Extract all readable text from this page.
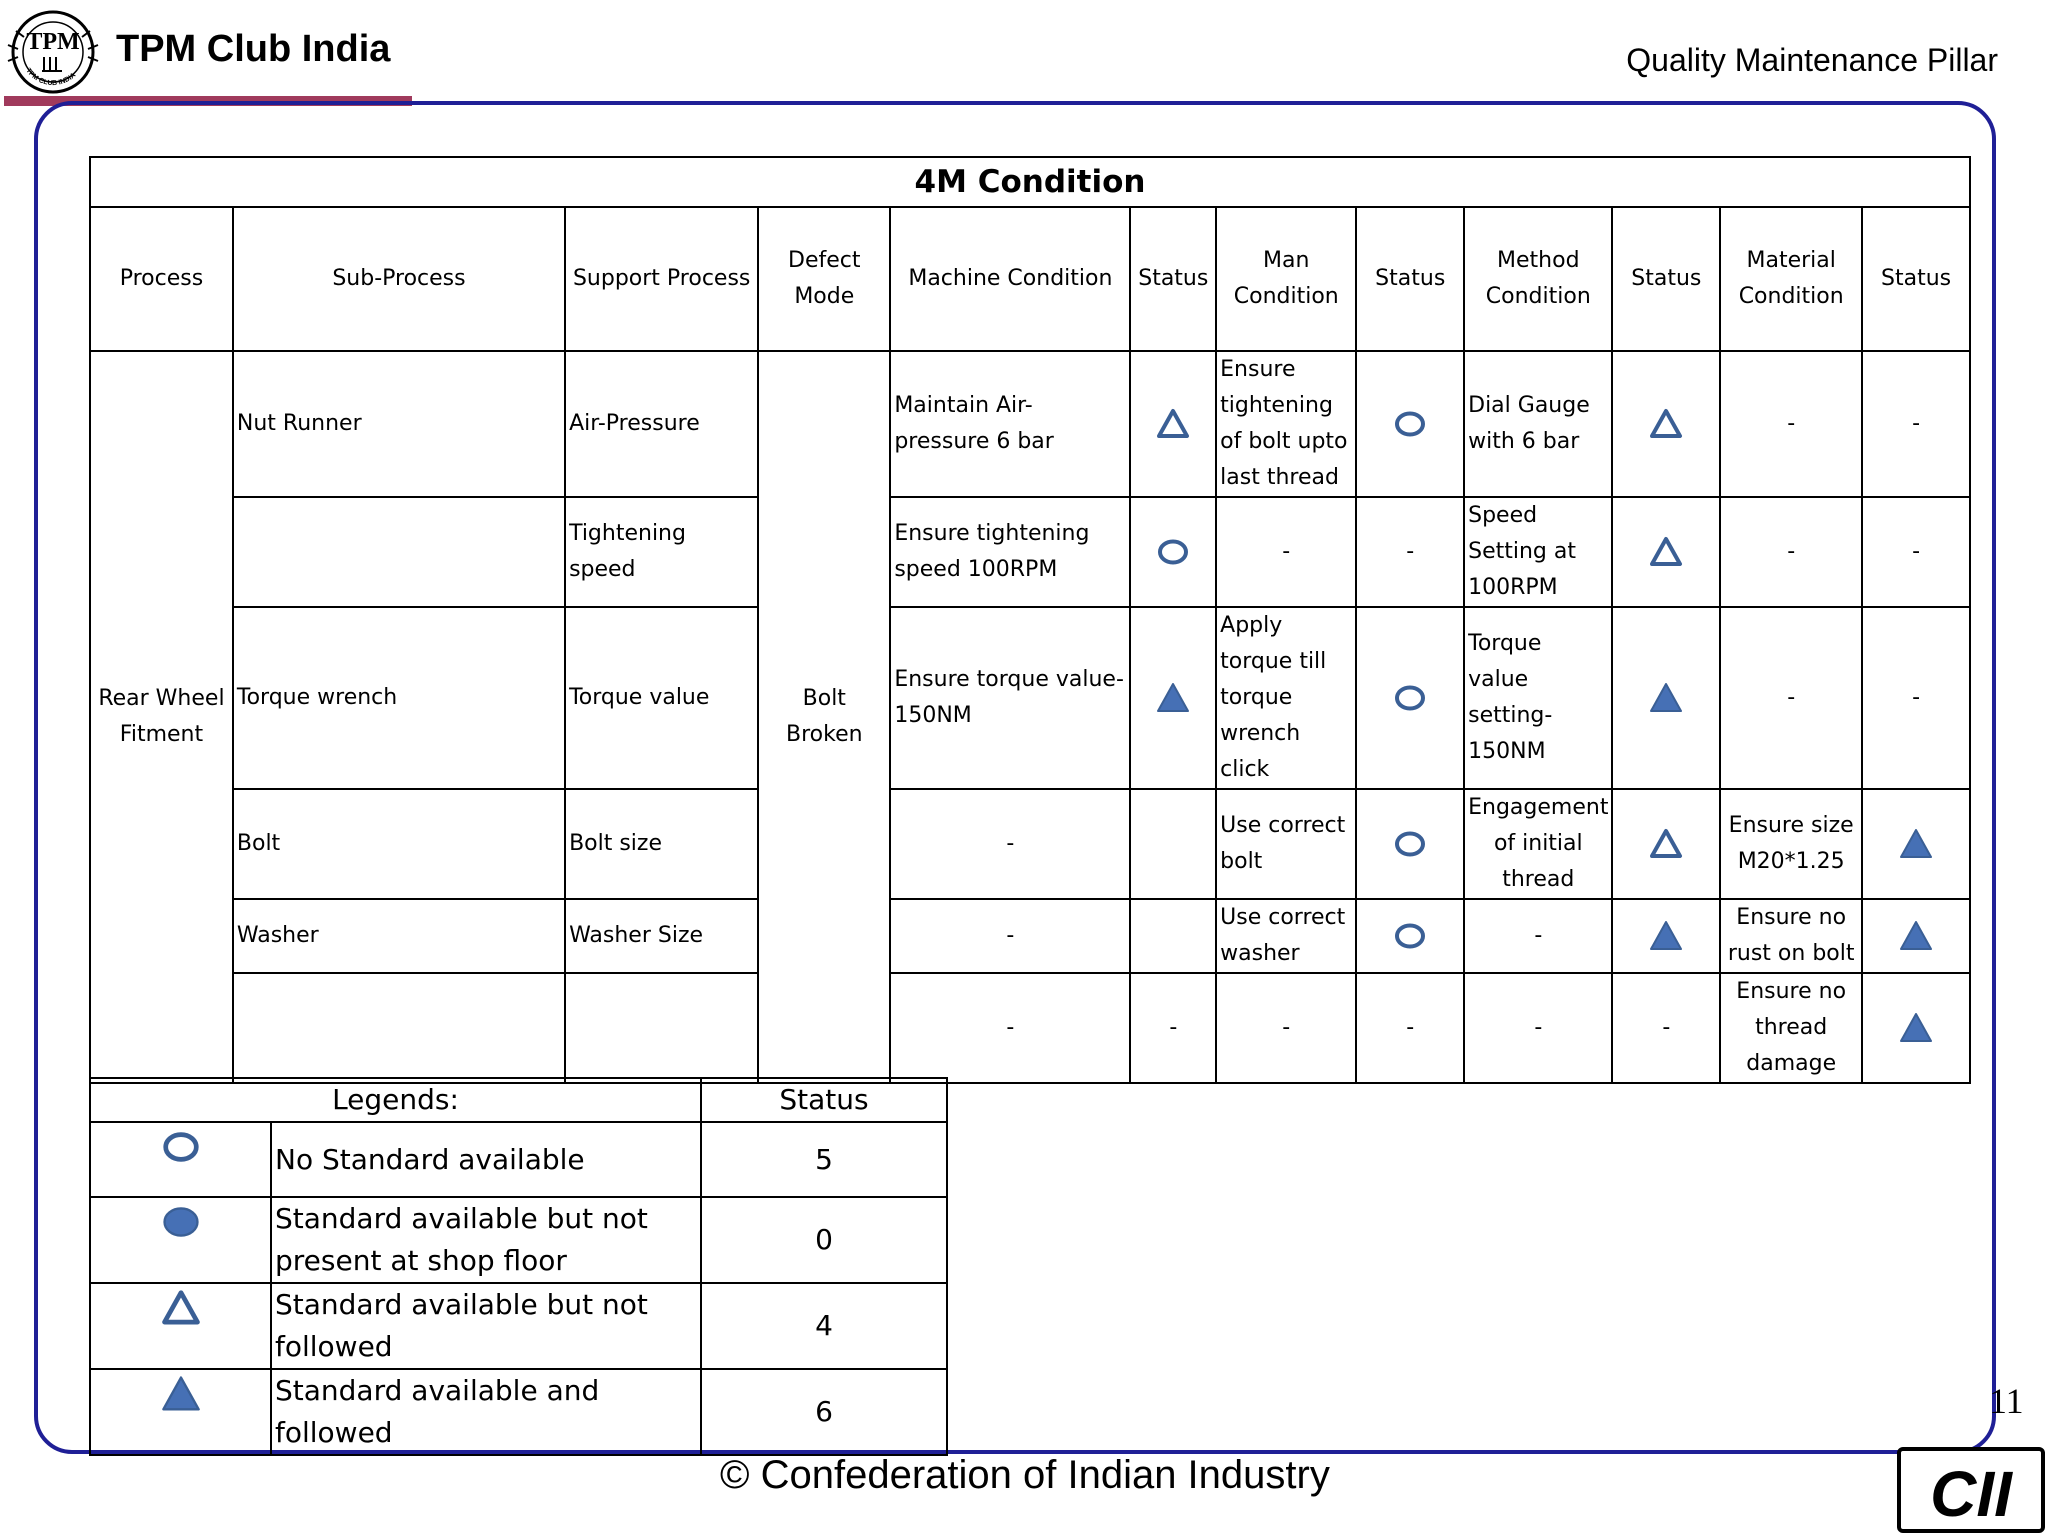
TPM
TPM CLUB INDIA
TPM Club India	Quality Maintenance Pillar
4M Condition											
Process	Sub-Process	Support Process	Defect Mode	Machine Condition	Status	Man Condition	Status	Method Condition	Status	Material Condition	Status
Rear Wheel Fitment	Nut Runner	Air-Pressure	Bolt Broken	Maintain Air-pressure 6 bar		Ensure tightening of bolt upto last thread		Dial Gauge with 6 bar		-	-
		Tightening speed		Ensure tightening speed 100RPM		-	-	Speed Setting at 100RPM		-	-
	Torque wrench	Torque value		Ensure torque value-150NM		Apply torque till torque wrench click		Torque value setting-150NM		-	-
	Bolt	Bolt size		-		Use correct bolt		Engagement of initial thread		Ensure size M20*1.25	

	Washer	Washer Size		-		Use correct washer		-		Ensure no rust on bolt	

				-	-	-	-	-	-	Ensure no thread damage	
Legends:		Status

	No Standard available	5

	Standard available but not present at shop floor	0

	Standard available but not followed	4

	Standard available and followed	6
© Confederation of Indian Industry
11
CII
